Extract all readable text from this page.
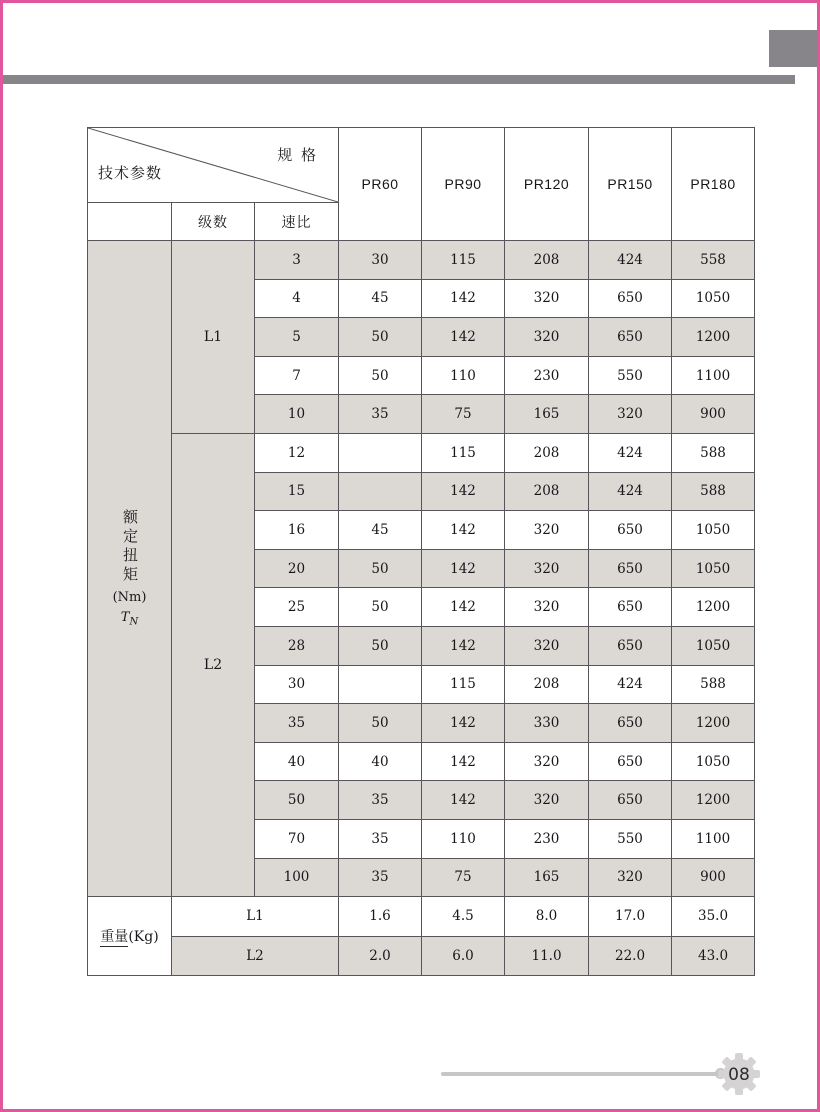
规 格
技术参数			PR60	PR90	PR120	PR150	PR180
	级数	速比					

额定扭矩
(Nm)
$T_N$	L1	3	30	115	208	424	558
		4	45	142	320	650	1050
		5	50	142	320	650	1200
		7	50	110	230	550	1100
		10	35	75	165	320	900
	L2	12		115	208	424	588
		15		142	208	424	588
		16	45	142	320	650	1050
		20	50	142	320	650	1050
		25	50	142	320	650	1200
		28	50	142	320	650	1050
		30		115	208	424	588
		35	50	142	330	650	1200
		40	40	142	320	650	1050
		50	35	142	320	650	1200
		70	35	110	230	550	1100
		100	35	75	165	320	900
重量(Kg)	L1		1.6	4.5	8.0	17.0	35.0
	L2		2.0	6.0	11.0	22.0	43.0
08
